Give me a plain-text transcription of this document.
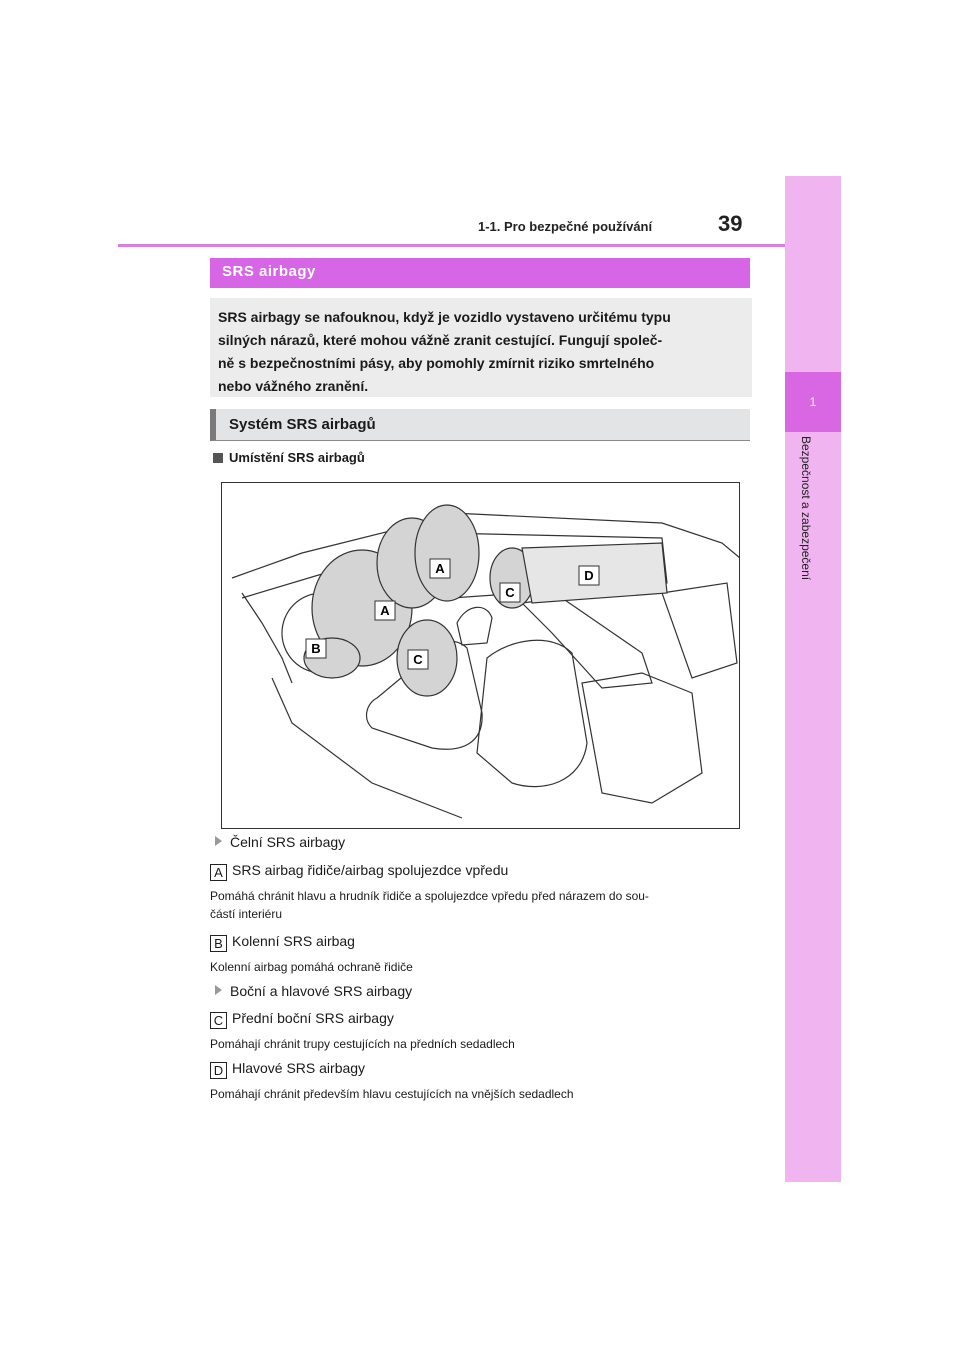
1
Bezpečnost a zabezpečení
1-1. Pro bezpečné používání	39
SRS airbagy
SRS airbagy se nafouknou, když je vozidlo vystaveno určitému typu
silných nárazů, které mohou vážně zranit cestující. Fungují společ-
ně s bezpečnostními pásy, aby pomohly zmírnit riziko smrtelného
nebo vážného zranění.
Systém SRS airbagů
Umístění SRS airbagů
A
A
B
C
C
D
Čelní SRS airbagy
A SRS airbag řidiče/airbag spolujezdce vpředu
Pomáhá chránit hlavu a hrudník řidiče a spolujezdce vpředu před nárazem do sou-
částí interiéru
B Kolenní SRS airbag
Kolenní airbag pomáhá ochraně řidiče
Boční a hlavové SRS airbagy
C Přední boční SRS airbagy
Pomáhají chránit trupy cestujících na předních sedadlech
D Hlavové SRS airbagy
Pomáhají chránit především hlavu cestujících na vnějších sedadlech
